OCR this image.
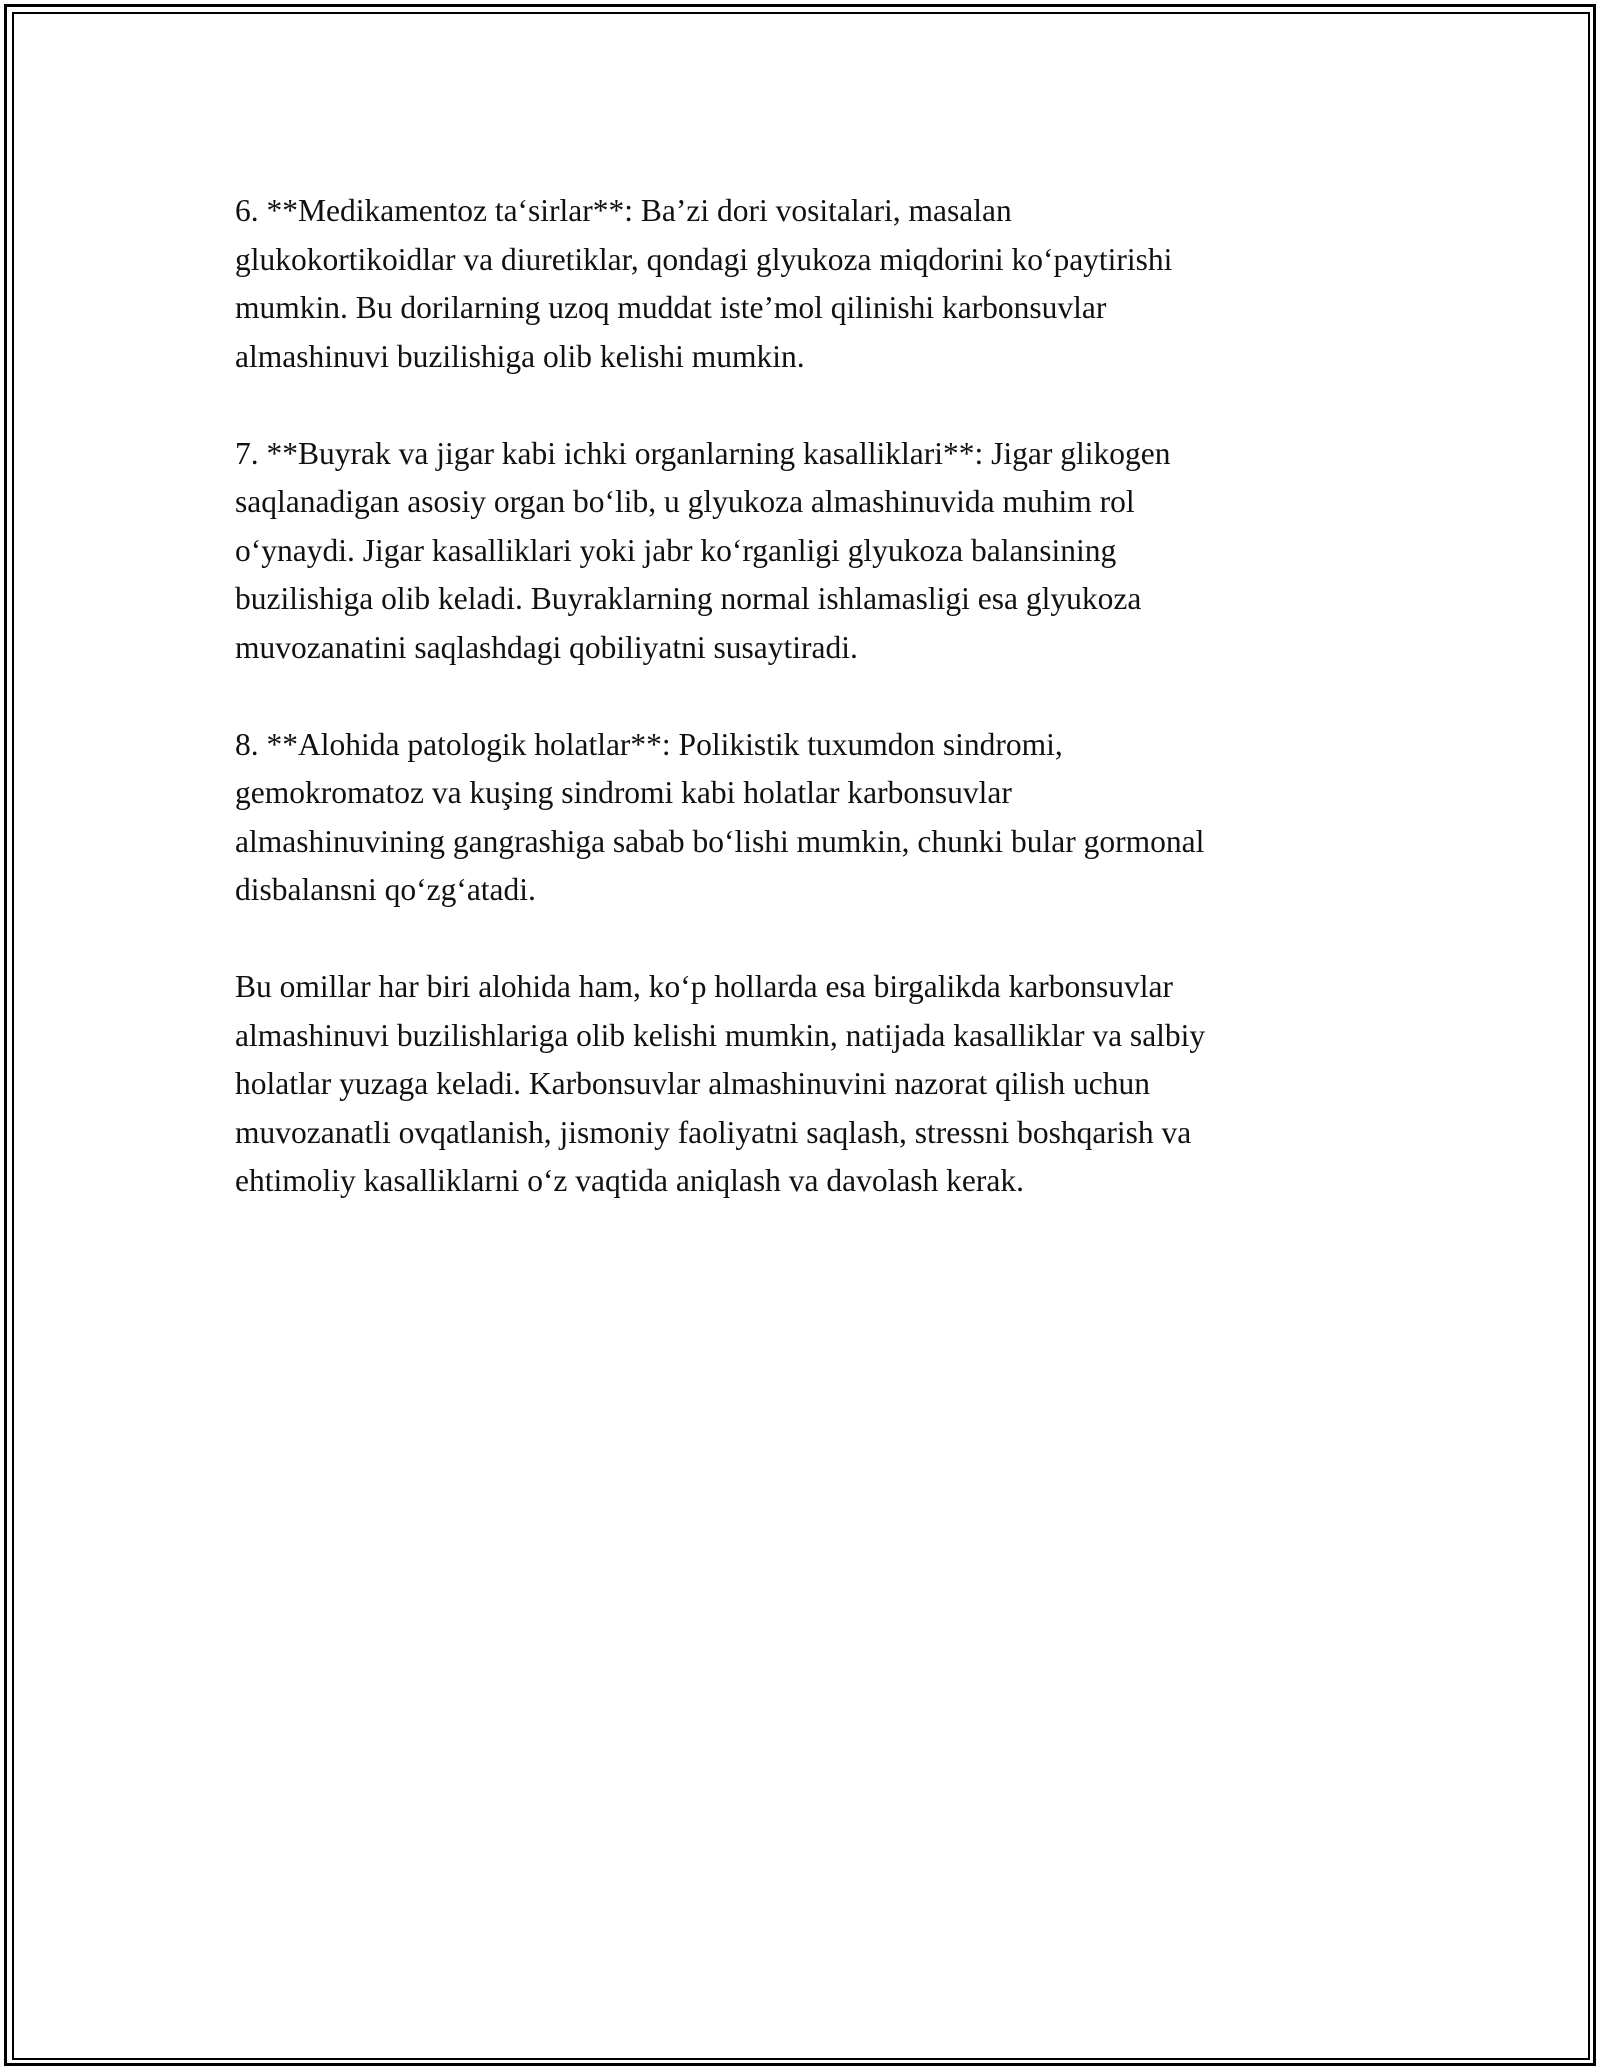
6. **Medikamentoz ta‘sirlar**: Ba’zi dori vositalari, masalan
glukokortikoidlar va diuretiklar, qondagi glyukoza miqdorini ko‘paytirishi
mumkin. Bu dorilarning uzoq muddat iste’mol qilinishi karbonsuvlar
almashinuvi buzilishiga olib kelishi mumkin.

7. **Buyrak va jigar kabi ichki organlarning kasalliklari**: Jigar glikogen
saqlanadigan asosiy organ bo‘lib, u glyukoza almashinuvida muhim rol
o‘ynaydi. Jigar kasalliklari yoki jabr ko‘rganligi glyukoza balansining
buzilishiga olib keladi. Buyraklarning normal ishlamasligi esa glyukoza
muvozanatini saqlashdagi qobiliyatni susaytiradi.

8. **Alohida patologik holatlar**: Polikistik tuxumdon sindromi,
gemokromatoz va kuşing sindromi kabi holatlar karbonsuvlar
almashinuvining gangrashiga sabab bo‘lishi mumkin, chunki bular gormonal
disbalansni qo‘zg‘atadi.

Bu omillar har biri alohida ham, ko‘p hollarda esa birgalikda karbonsuvlar
almashinuvi buzilishlariga olib kelishi mumkin, natijada kasalliklar va salbiy
holatlar yuzaga keladi. Karbonsuvlar almashinuvini nazorat qilish uchun
muvozanatli ovqatlanish, jismoniy faoliyatni saqlash, stressni boshqarish va
ehtimoliy kasalliklarni o‘z vaqtida aniqlash va davolash kerak.
